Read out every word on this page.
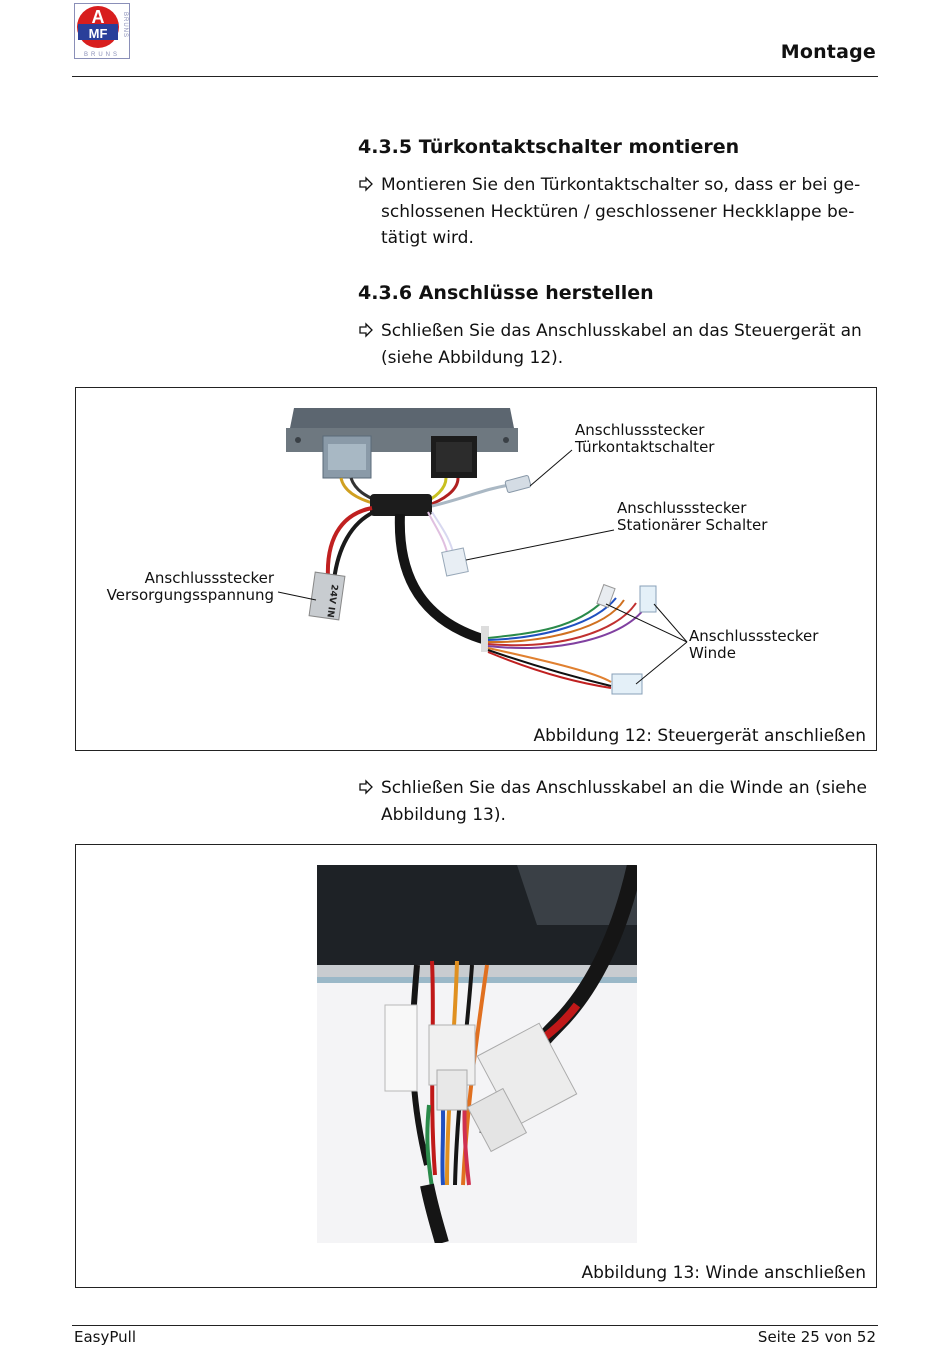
A
MF BRUNS
BRUNS	Montage
4.3.5 Türkontaktschalter montieren
Montieren Sie den Türkontaktschalter so, dass er bei ge-
schlossenen Hecktüren / geschlossener Heckklappe be-
tätigt wird.
4.3.6 Anschlüsse herstellen
Schließen Sie das Anschlusskabel an das Steuergerät an
(siehe Abbildung 12).
24V IN
Anschlussstecker
Türkontaktschalter
Anschlussstecker
Stationärer Schalter
Anschlussstecker
Versorgungsspannung
Anschlussstecker
Winde
Abbildung 12: Steuergerät anschließen
Schließen Sie das Anschlusskabel an die Winde an (siehe
Abbildung 13).
Abbildung 13: Winde anschließen
EasyPull	Seite 25 von 52
